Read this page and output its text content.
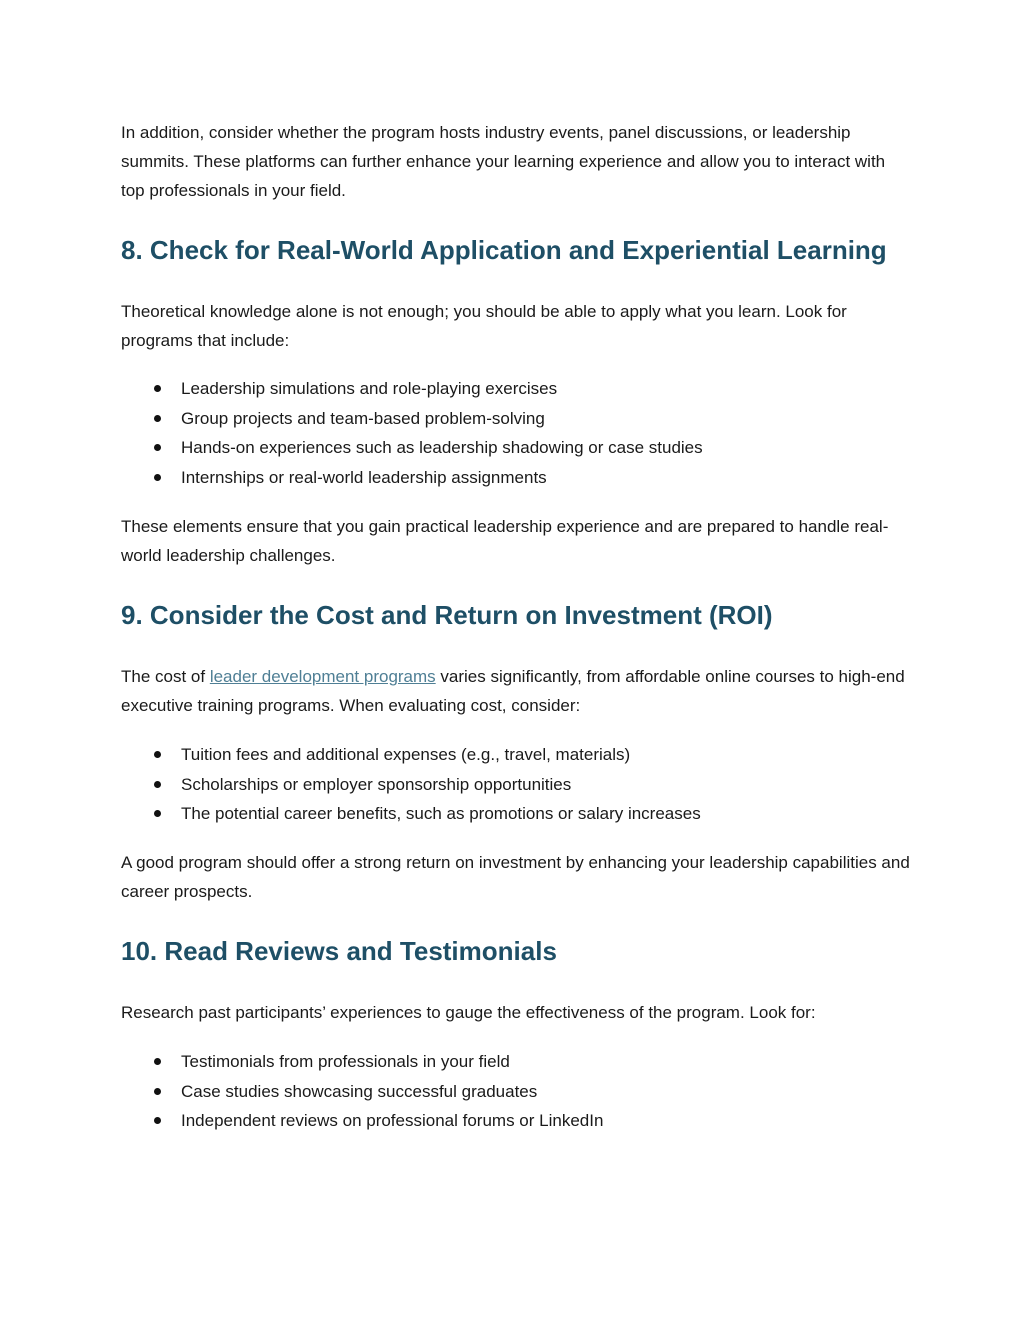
In addition, consider whether the program hosts industry events, panel discussions, or leadership summits. These platforms can further enhance your learning experience and allow you to interact with top professionals in your field.

8. Check for Real-World Application and Experiential Learning

Theoretical knowledge alone is not enough; you should be able to apply what you learn. Look for programs that include:

Leadership simulations and role-playing exercises
Group projects and team-based problem-solving
Hands-on experiences such as leadership shadowing or case studies
Internships or real-world leadership assignments

These elements ensure that you gain practical leadership experience and are prepared to handle real-world leadership challenges.

9. Consider the Cost and Return on Investment (ROI)

The cost of leader development programs varies significantly, from affordable online courses to high-end executive training programs. When evaluating cost, consider:

Tuition fees and additional expenses (e.g., travel, materials)
Scholarships or employer sponsorship opportunities
The potential career benefits, such as promotions or salary increases

A good program should offer a strong return on investment by enhancing your leadership capabilities and career prospects.

10. Read Reviews and Testimonials

Research past participants’ experiences to gauge the effectiveness of the program. Look for:

Testimonials from professionals in your field
Case studies showcasing successful graduates
Independent reviews on professional forums or LinkedIn
